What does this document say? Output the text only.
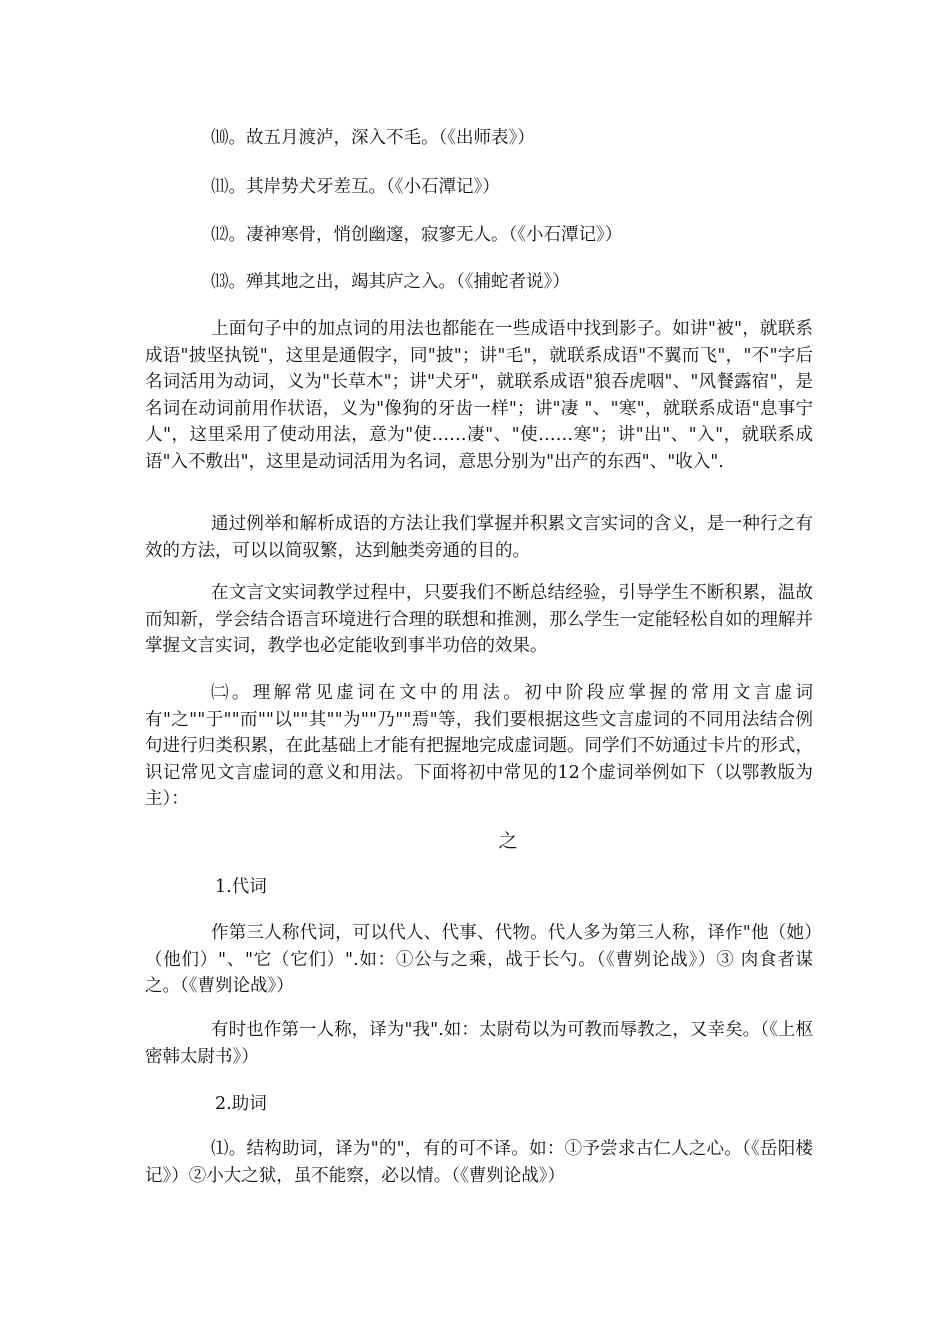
⑽。故五月渡泸，深入不毛。（《出师表》）
⑾。其岸势犬牙差互。（《小石潭记》）
⑿。凄神寒骨，悄创幽邃，寂寥无人。（《小石潭记》）
⒀。殚其地之出，竭其庐之入。（《捕蛇者说》）
上面句子中的加点词的用法也都能在一些成语中找到影子。如讲"被"，就联系成语"披坚执锐"，这里是通假字，同"披"；讲"毛"，就联系成语"不翼而飞"，"不"字后名词活用为动词，义为"长草木"；讲"犬牙"，就联系成语"狼吞虎咽"、"风餐露宿"，是名词在动词前用作状语，义为"像狗的牙齿一样"；讲"凄 "、"寒"，就联系成语"息事宁人"，这里采用了使动用法，意为"使……凄"、"使……寒"；讲"出"、"入"，就联系成语"入不敷出"，这里是动词活用为名词，意思分别为"出产的东西"、"收入".
通过例举和解析成语的方法让我们掌握并积累文言实词的含义，是一种行之有效的方法，可以以简驭繁，达到触类旁通的目的。
在文言文实词教学过程中，只要我们不断总结经验，引导学生不断积累，温故而知新，学会结合语言环境进行合理的联想和推测，那么学生一定能轻松自如的理解并掌握文言实词，教学也必定能收到事半功倍的效果。
㈡。理解常见虚词在文中的用法。初中阶段应掌握的常用文言虚词有"之""于""而""以""其""为""乃""焉"等，我们要根据这些文言虚词的不同用法结合例句进行归类积累，在此基础上才能有把握地完成虚词题。同学们不妨通过卡片的形式，识记常见文言虚词的意义和用法。下面将初中常见的12个虚词举例如下（以鄂教版为主）：
之
1.代词
作第三人称代词，可以代人、代事、代物。代人多为第三人称，译作"他（她）（他们）"、"它（它们）".如：①公与之乘，战于长勺。（《曹刿论战》）③ 肉食者谋之。（《曹刿论战》）
有时也作第一人称，译为"我".如：太尉苟以为可教而辱教之，又幸矣。（《上枢密韩太尉书》）
2.助词
⑴。结构助词，译为"的"，有的可不译。如：①予尝求古仁人之心。（《岳阳楼记》）②小大之狱，虽不能察，必以情。（《曹刿论战》）
